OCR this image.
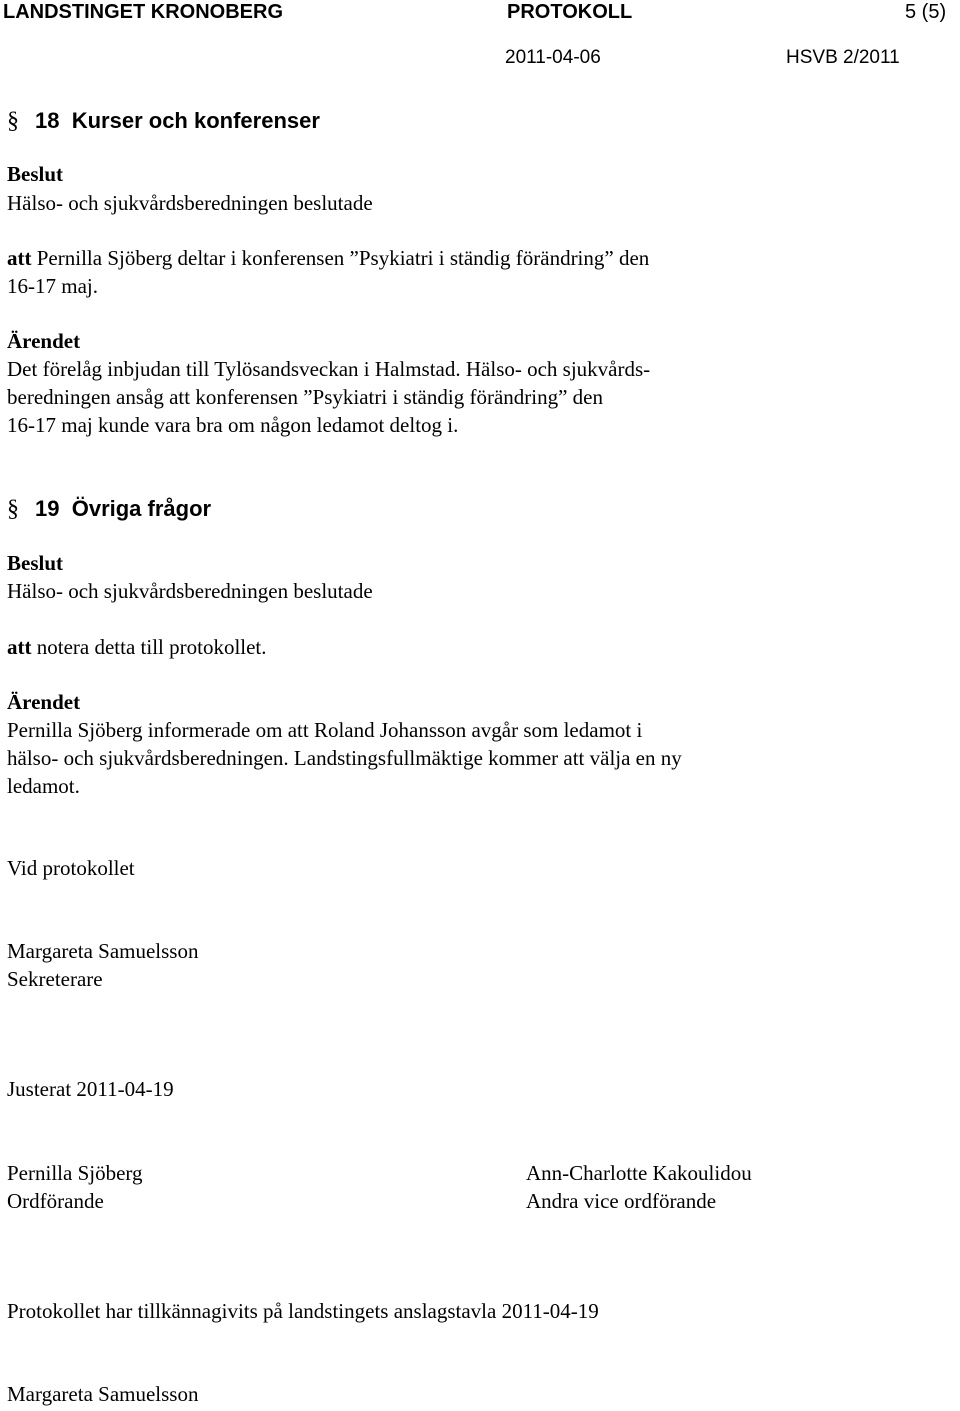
LANDSTINGET KRONOBERG	PROTOKOLL	5 (5)
2011-04-06	HSVB 2/2011
§ 18 Kurser och konferenser
Beslut
Hälso- och sjukvårdsberedningen beslutade
att Pernilla Sjöberg deltar i konferensen ”Psykiatri i ständig förändring” den
16-17 maj.
Ärendet
Det förelåg inbjudan till Tylösandsveckan i Halmstad. Hälso- och sjukvårds-
beredningen ansåg att konferensen ”Psykiatri i ständig förändring” den
16-17 maj kunde vara bra om någon ledamot deltog i.
§ 19 Övriga frågor
Beslut
Hälso- och sjukvårdsberedningen beslutade
att notera detta till protokollet.
Ärendet
Pernilla Sjöberg informerade om att Roland Johansson avgår som ledamot i
hälso- och sjukvårdsberedningen. Landstingsfullmäktige kommer att välja en ny
ledamot.
Vid protokollet
Margareta Samuelsson
Sekreterare
Justerat 2011-04-19
Pernilla Sjöberg
Ordförande
Ann-Charlotte Kakoulidou
Andra vice ordförande
Protokollet har tillkännagivits på landstingets anslagstavla 2011-04-19
Margareta Samuelsson
